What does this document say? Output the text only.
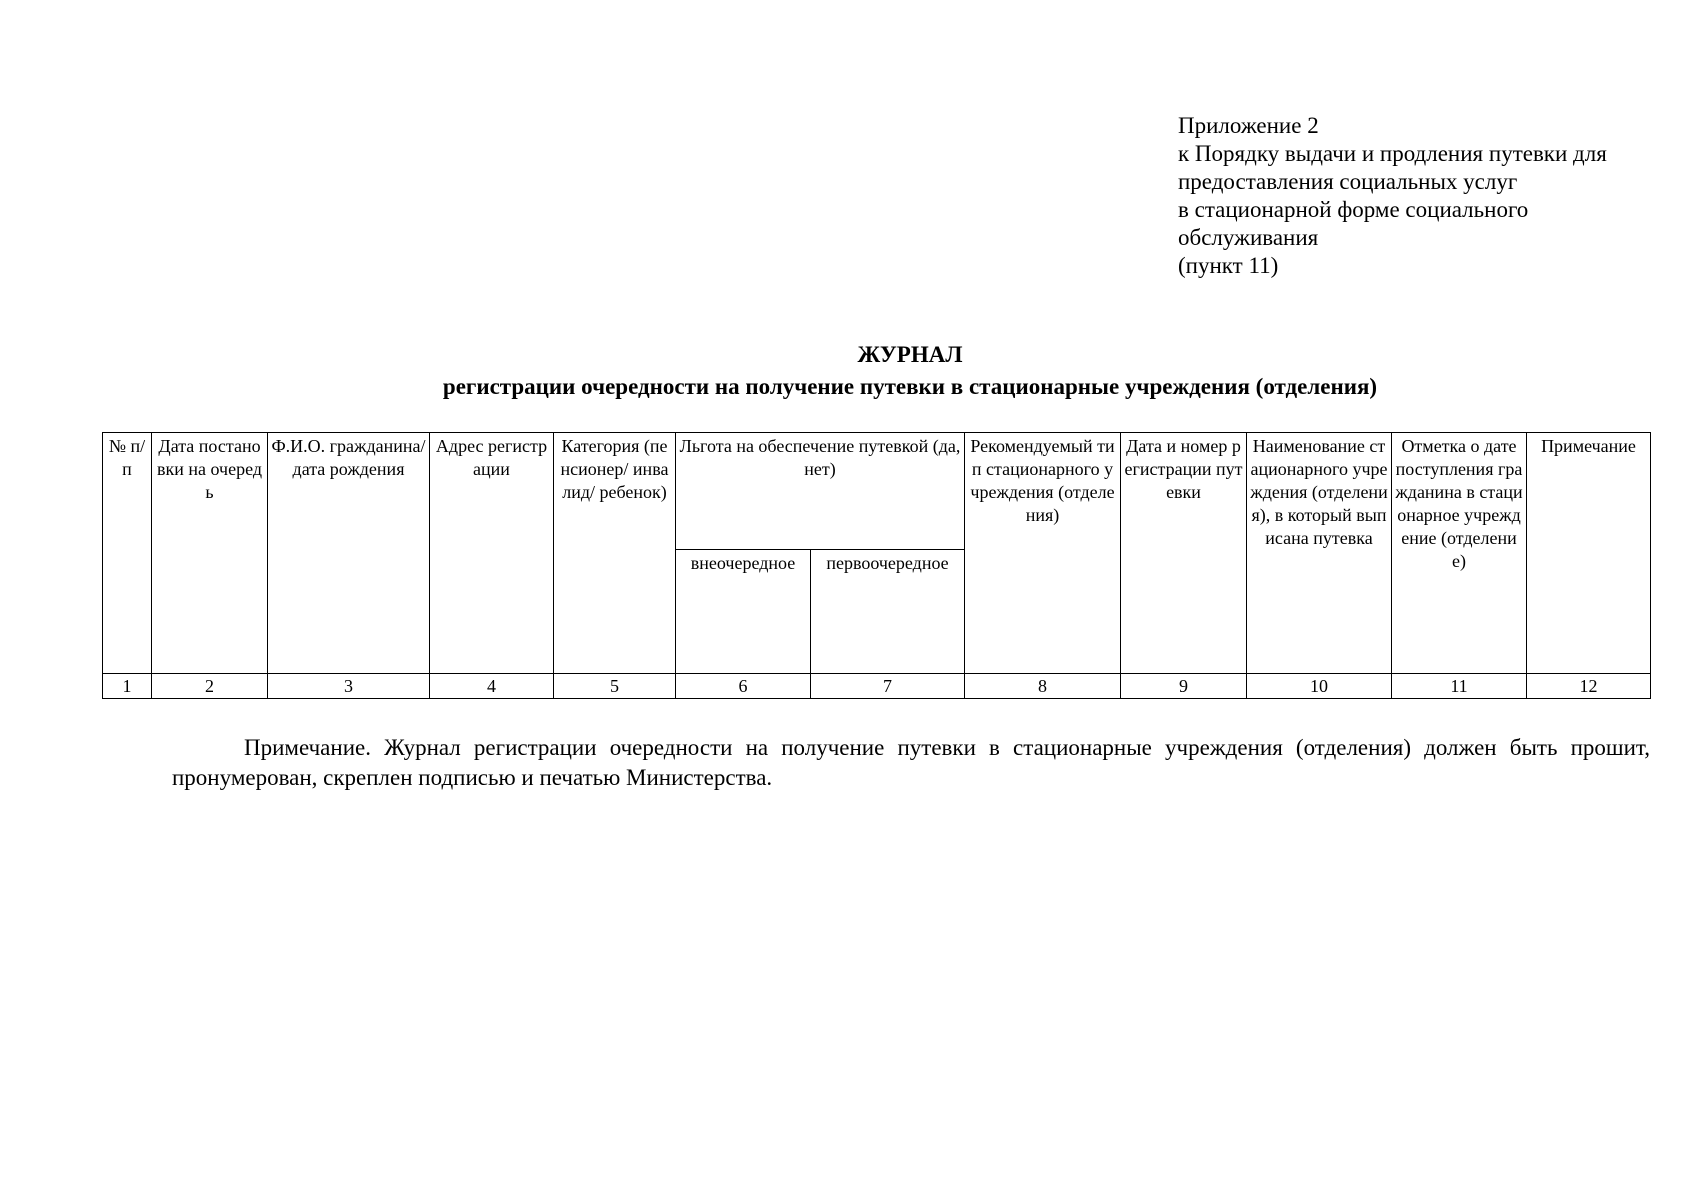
Приложение 2
к Порядку выдачи и продления путевки для
предоставления социальных услуг
в стационарной форме социального
обслуживания
(пункт 11)
ЖУРНАЛ
регистрации очередности на получение путевки в стационарные учреждения (отделения)
№ п/п	Дата постановки на очередь	Ф.И.О. гражданина/дата рождения	Адрес регистрации	Категория (пенсионер/ инвалид/ ребенок)	Льгота на обеспечение путевкой (да, нет)		Рекомендуемый тип стационарного учреждения (отделения)	Дата и номер регистрации путевки	Наименование стационарного учреждения (отделения), в который выписана путевка	Отметка о дате поступления гражданина в стационарное учреждение (отделение)	Примечание
					внеочередное	первоочередное					
1	2	3	4	5	6	7	8	9	10	11	12
Примечание. Журнал регистрации очередности на получение путевки в стационарные учреждения (отделения) должен быть прошит, пронумерован, скреплен подписью и печатью Министерства.
